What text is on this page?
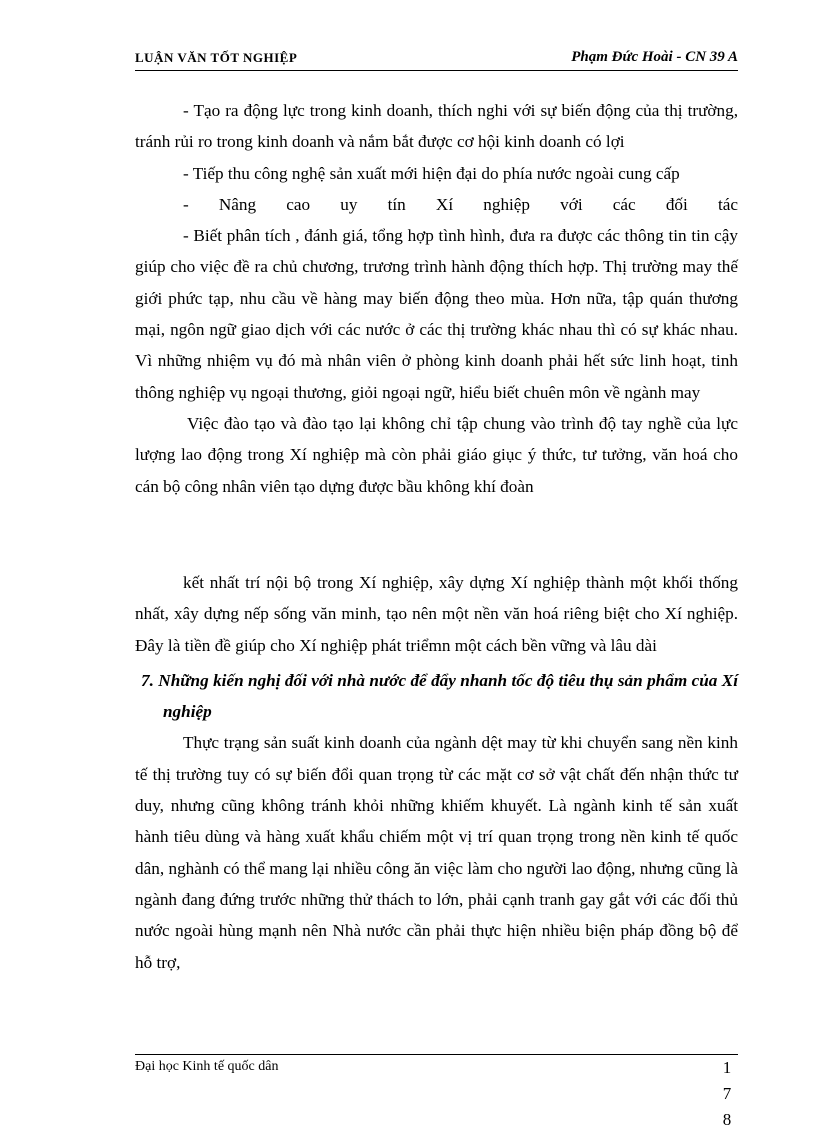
LUẬN VĂN TỐT NGHIỆP	Phạm Đức Hoài - CN 39 A

- Tạo ra động lực trong kinh doanh, thích nghi với sự biến động của thị trường, tránh rủi ro trong kinh doanh và nắm bắt được cơ hội kinh doanh có lợi

- Tiếp thu công nghệ sản xuất mới hiện đại do phía nước ngoài cung cấp

- Nâng cao uy tín Xí nghiệp với các đối tác

- Biết phân tích , đánh giá, tổng hợp tình hình, đưa ra được các thông tin tin cậy giúp cho việc đề ra chủ chương, trương trình hành động thích hợp. Thị trường may thế giới phức tạp, nhu cầu về hàng may biến động theo mùa. Hơn nữa, tập quán thương mại, ngôn ngữ giao dịch với các nước ở các thị trường khác nhau thì có sự khác nhau. Vì những nhiệm vụ đó mà nhân viên ở phòng kinh doanh phải hết sức linh hoạt, tinh thông nghiệp vụ ngoại thương, giỏi ngoại ngữ, hiểu biết chuên môn về ngành may

Việc đào tạo và đào tạo lại không chỉ tập chung vào trình độ tay nghề của lực lượng lao động trong Xí nghiệp mà còn phải giáo giục ý thức, tư tưởng, văn hoá cho cán bộ công nhân viên tạo dựng được bầu không khí đoàn

kết nhất trí nội bộ trong Xí nghiệp, xây dựng Xí nghiệp thành một khối thống nhất, xây dựng nếp sống văn minh, tạo nên một nền văn hoá riêng biệt cho Xí nghiệp. Đây là tiền đề giúp cho Xí nghiệp phát triểmn một cách bền vững và lâu dài

7. Những kiến nghị đối với nhà nước để đẩy nhanh tốc độ tiêu thụ sản phẩm của Xí nghiệp

Thực trạng sản suất kinh doanh của ngành dệt may từ khi chuyển sang nền kinh tế thị trường tuy có sự biến đổi quan trọng từ các mặt cơ sở vật chất đến nhận thức tư duy, nhưng cũng không tránh khỏi những khiếm khuyết. Là ngành kinh tế sản xuất hành tiêu dùng và hàng xuất khẩu chiếm một vị trí quan trọng trong nền kinh tế quốc dân, nghành có thể mang lại nhiều công ăn việc làm cho người lao động, nhưng cũng là ngành đang đứng trước những thử thách to lớn, phải cạnh tranh gay gắt với các đối thủ nước ngoài hùng mạnh nên Nhà nước cần phải thực hiện nhiều biện pháp đồng bộ để hỗ trợ,

Đại học Kinh tế quốc dân	1
7
8
